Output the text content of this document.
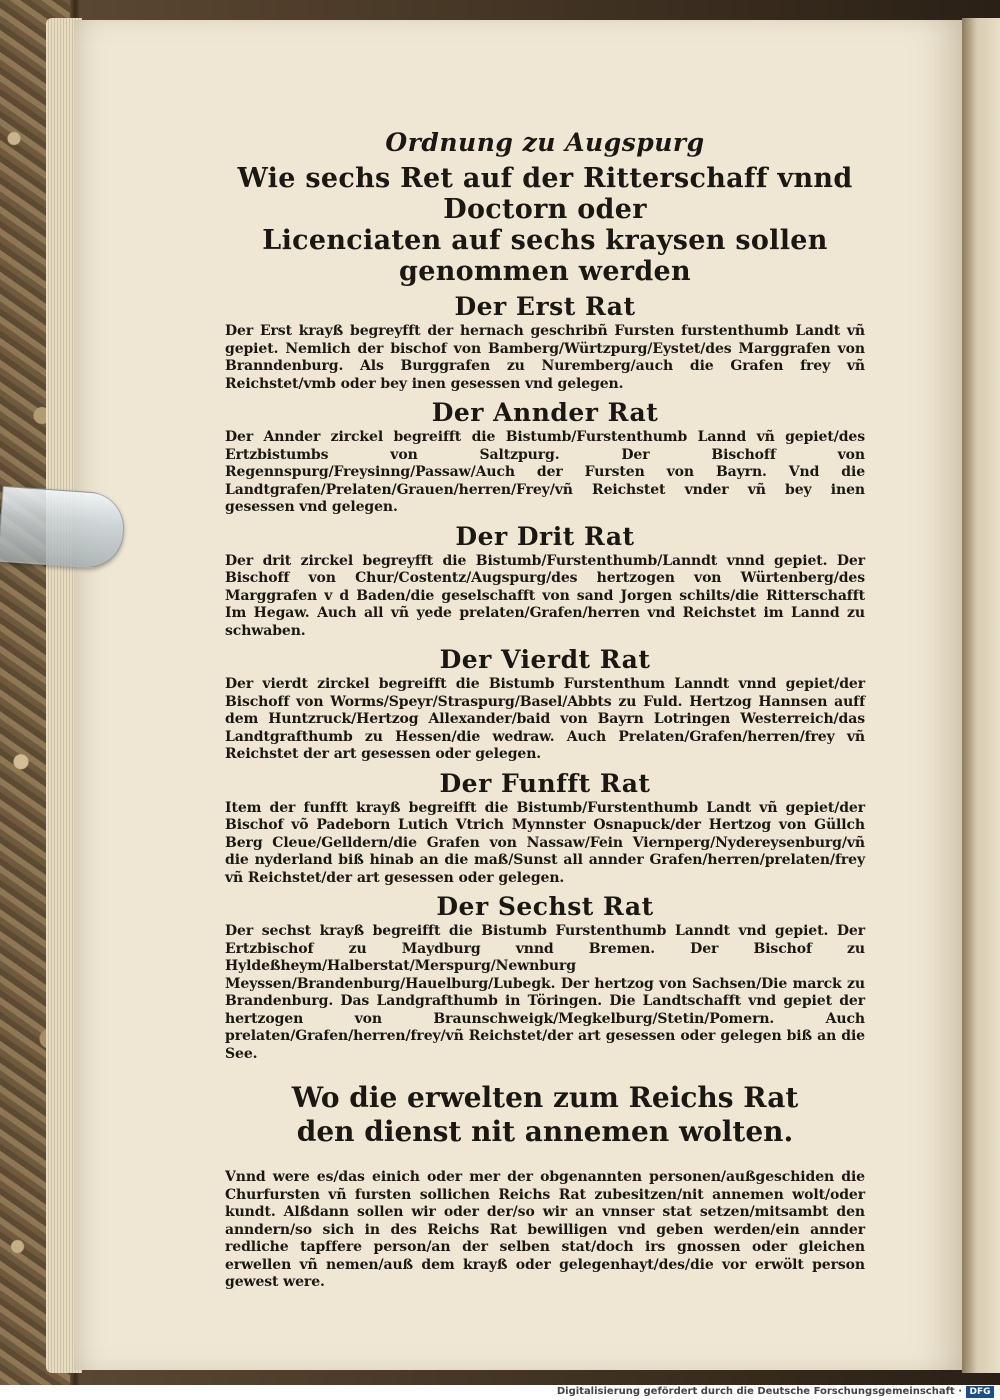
Ordnung zu Augspurg
Wie sechs Ret auf der Ritterschaff vnnd Doctorn oder
Licenciaten auf sechs kraysen sollen genommen werden
Der Erst Rat

Der Erst krayß begreyfft der hernach geschribñ Fursten furstenthumb Landt vñ gepiet. Nemlich der bischof von Bamberg/Würtzpurg/Eystet/des Marggrafen von Branndenburg. Als Burggrafen zu Nuremberg/auch die Grafen frey vñ Reichstet/vmb oder bey inen gesessen vnd gelegen.

Der Annder Rat

Der Annder zirckel begreifft die Bistumb/Furstenthumb Lannd vñ gepiet/des Ertzbistumbs von Saltzpurg. Der Bischoff von Regennspurg/Freysinng/Passaw/Auch der Fursten von Bayrn. Vnd die Landtgrafen/Prelaten/Grauen/herren/Frey/vñ Reichstet vnder vñ bey inen gesessen vnd gelegen.

Der Drit Rat

Der drit zirckel begreyfft die Bistumb/Furstenthumb/Lanndt vnnd gepiet. Der Bischoff von Chur/Costentz/Augspurg/des hertzogen von Würtenberg/des Marggrafen v d Baden/die geselschafft von sand Jorgen schilts/die Ritterschafft Im Hegaw. Auch all vñ yede prelaten/Grafen/herren vnd Reichstet im Lannd zu schwaben.

Der Vierdt Rat

Der vierdt zirckel begreifft die Bistumb Furstenthum Lanndt vnnd gepiet/der Bischoff von Worms/Speyr/Straspurg/Basel/Abbts zu Fuld. Hertzog Hannsen auff dem Huntzruck/Hertzog Allexander/baid von Bayrn Lotringen Westerreich/das Landtgrafthumb zu Hessen/die wedraw. Auch Prelaten/Grafen/herren/frey vñ Reichstet der art gesessen oder gelegen.

Der Funfft Rat

Item der funfft krayß begreifft die Bistumb/Furstenthumb Landt vñ gepiet/der Bischof võ Padeborn Lutich Vtrich Mynnster Osnapuck/der Hertzog von Güllch Berg Cleue/Gelldern/die Grafen von Nassaw/Fein Viernperg/Nydereysenburg/vñ die nyderland biß hinab an die maß/Sunst all annder Grafen/herren/prelaten/frey vñ Reichstet/der art gesessen oder gelegen.

Der Sechst Rat

Der sechst krayß begreifft die Bistumb Furstenthumb Lanndt vnd gepiet. Der Ertzbischof zu Maydburg vnnd Bremen. Der Bischof zu Hyldeßheym/Halberstat/Merspurg/Newnburg Meyssen/Brandenburg/Hauelburg/Lubegk. Der hertzog von Sachsen/Die marck zu Brandenburg. Das Landgrafthumb in Töringen. Die Landtschafft vnd gepiet der hertzogen von Braunschweigk/Megkelburg/Stetin/Pomern. Auch prelaten/Grafen/herren/frey/vñ Reichstet/der art gesessen oder gelegen biß an die See.

Wo die erwelten zum Reichs Rat
den dienst nit annemen wolten.

Vnnd were es/das einich oder mer der obgenannten personen/außgeschiden die Churfursten vñ fursten sollichen Reichs Rat zubesitzen/nit annemen wolt/oder kundt. Alßdann sollen wir oder der/so wir an vnnser stat setzen/mitsambt den anndern/so sich in des Reichs Rat bewilligen vnd geben werden/ein annder redliche tapffere person/an der selben stat/doch irs gnossen oder gleichen erwellen vñ nemen/auß dem krayß oder gelegenhayt/des/die vor erwölt person gewest were.

Digitalisierung gefördert durch die Deutsche Forschungsgemeinschaft · DFG
